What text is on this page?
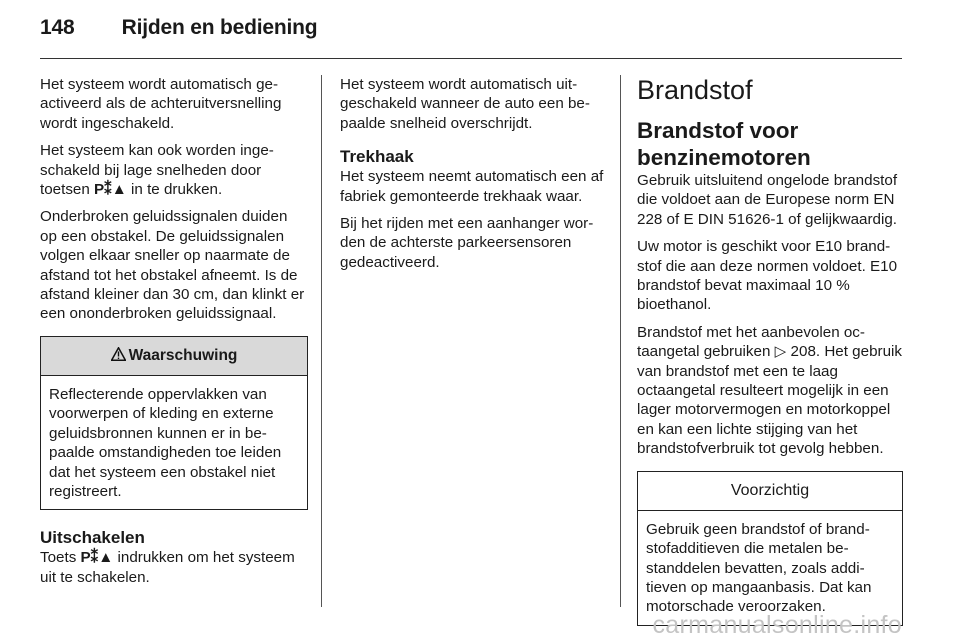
148 Rijden en bediening

Het systeem wordt automatisch geactiveerd als de achteruitversnelling wordt ingeschakeld.

Het systeem kan ook worden ingeschakeld bij lage snelheden door toetsen P⁑▲ in te drukken.

Onderbroken geluidssignalen duiden op een obstakel. De geluidssignalen volgen elkaar sneller op naarmate de afstand tot het obstakel afneemt. Is de afstand kleiner dan 30 cm, dan klinkt er een ononderbroken geluidssignaal.

Waarschuwing
Reflecterende oppervlakken van voorwerpen of kleding en externe geluidsbronnen kunnen er in bepaalde omstandigheden toe leiden dat het systeem een obstakel niet registreert.
Uitschakelen

Toets P⁑▲ indrukken om het systeem uit te schakelen.

Het systeem wordt automatisch uitgeschakeld wanneer de auto een bepaalde snelheid overschrijdt.

Trekhaak

Het systeem neemt automatisch een af fabriek gemonteerde trekhaak waar.

Bij het rijden met een aanhanger worden de achterste parkeersensoren gedeactiveerd.

Brandstof
Brandstof voor benzinemotoren

Gebruik uitsluitend ongelode brandstof die voldoet aan de Europese norm EN 228 of E DIN 51626-1 of gelijkwaardig.

Uw motor is geschikt voor E10 brandstof die aan deze normen voldoet. E10 brandstof bevat maximaal 10 % bioethanol.

Brandstof met het aanbevolen octaangetal gebruiken ▷ 208. Het gebruik van brandstof met een te laag octaangetal resulteert mogelijk in een lager motorvermogen en motorkoppel en kan een lichte stijging van het brandstofverbruik tot gevolg hebben.

Voorzichtig
Gebruik geen brandstof of brandstofadditieven die metalen bestanddelen bevatten, zoals additieven op mangaanbasis. Dat kan motorschade veroorzaken.
carmanualsonline.info
